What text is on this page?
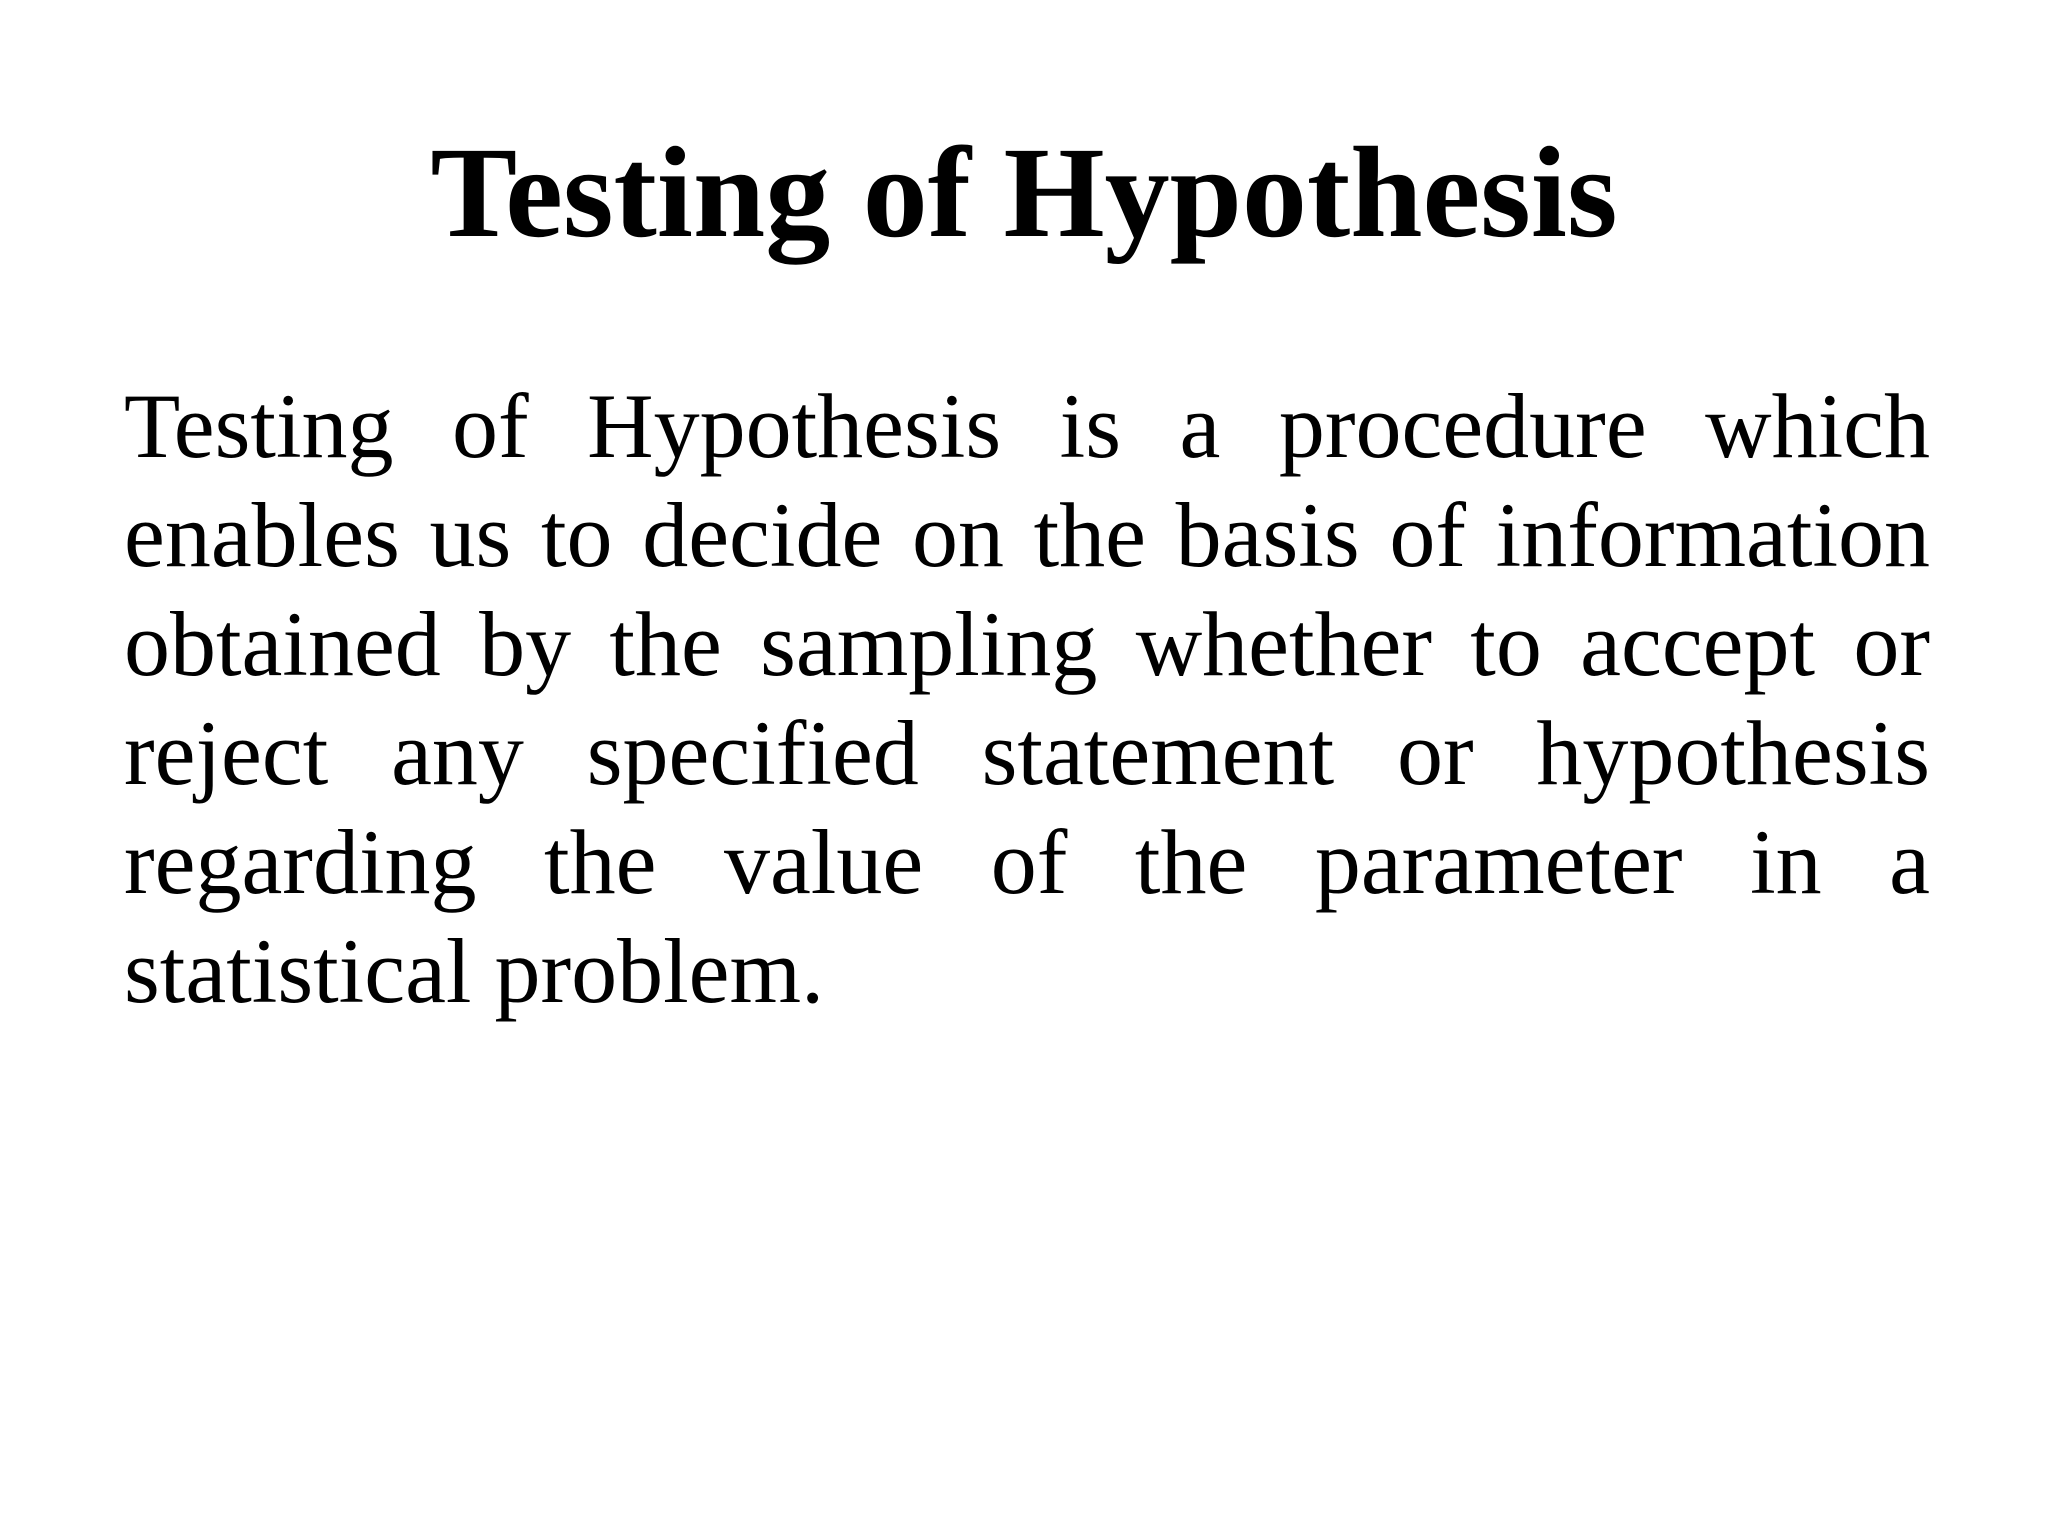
Testing of Hypothesis

Testing of Hypothesis is a procedure which enables us to decide on the basis of information obtained by the sampling whether to accept or reject any specified statement or hypothesis regarding the value of the parameter in a statistical problem.
